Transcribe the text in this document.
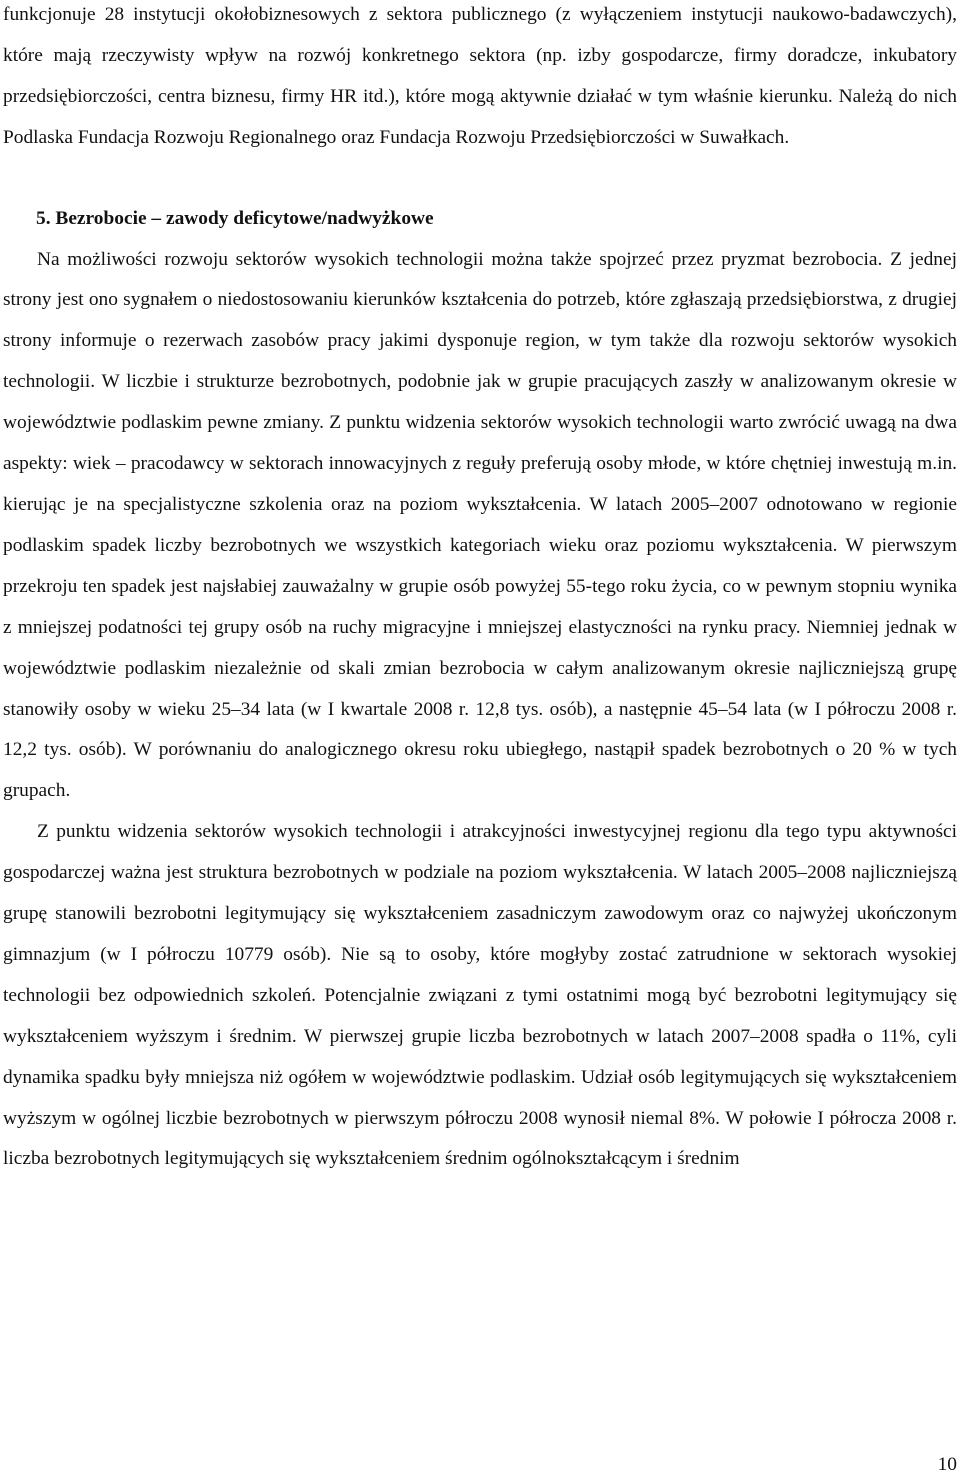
funkcjonuje 28 instytucji okołobiznesowych z sektora publicznego (z wyłączeniem instytucji naukowo-badawczych), które mają rzeczywisty wpływ na rozwój konkretnego sektora (np. izby gospodarcze, firmy doradcze, inkubatory przedsiębiorczości, centra biznesu, firmy HR itd.), które mogą aktywnie działać w tym właśnie kierunku. Należą do nich Podlaska Fundacja Rozwoju Regionalnego oraz Fundacja Rozwoju Przedsiębiorczości w Suwałkach.

5. Bezrobocie – zawody deficytowe/nadwyżkowe

Na możliwości rozwoju sektorów wysokich technologii można także spojrzeć przez pryzmat bezrobocia. Z jednej strony jest ono sygnałem o niedostosowaniu kierunków kształcenia do potrzeb, które zgłaszają przedsiębiorstwa, z drugiej strony informuje o rezerwach zasobów pracy jakimi dysponuje region, w tym także dla rozwoju sektorów wysokich technologii. W liczbie i strukturze bezrobotnych, podobnie jak w grupie pracujących zaszły w analizowanym okresie w województwie podlaskim pewne zmiany. Z punktu widzenia sektorów wysokich technologii warto zwrócić uwagą na dwa aspekty: wiek – pracodawcy w sektorach innowacyjnych z reguły preferują osoby młode, w które chętniej inwestują m.in. kierując je na specjalistyczne szkolenia oraz na poziom wykształcenia. W latach 2005–2007 odnotowano w regionie podlaskim spadek liczby bezrobotnych we wszystkich kategoriach wieku oraz poziomu wykształcenia. W pierwszym przekroju ten spadek jest najsłabiej zauważalny w grupie osób powyżej 55-tego roku życia, co w pewnym stopniu wynika z mniejszej podatności tej grupy osób na ruchy migracyjne i mniejszej elastyczności na rynku pracy. Niemniej jednak w województwie podlaskim niezależnie od skali zmian bezrobocia w całym analizowanym okresie najliczniejszą grupę stanowiły osoby w wieku 25–34 lata (w I kwartale 2008 r. 12,8 tys. osób), a następnie 45–54 lata (w I półroczu 2008 r. 12,2 tys. osób). W porównaniu do analogicznego okresu roku ubiegłego, nastąpił spadek bezrobotnych o 20 % w tych grupach.

Z punktu widzenia sektorów wysokich technologii i atrakcyjności inwestycyjnej regionu dla tego typu aktywności gospodarczej ważna jest struktura bezrobotnych w podziale na poziom wykształcenia. W latach 2005–2008 najliczniejszą grupę stanowili bezrobotni legitymujący się wykształceniem zasadniczym zawodowym oraz co najwyżej ukończonym gimnazjum (w I półroczu 10779 osób). Nie są to osoby, które mogłyby zostać zatrudnione w sektorach wysokiej technologii bez odpowiednich szkoleń. Potencjalnie związani z tymi ostatnimi mogą być bezrobotni legitymujący się wykształceniem wyższym i średnim. W pierwszej grupie liczba bezrobotnych w latach 2007–2008 spadła o 11%, cyli dynamika spadku były mniejsza niż ogółem w województwie podlaskim. Udział osób legitymujących się wykształceniem wyższym w ogólnej liczbie bezrobotnych w pierwszym półroczu 2008 wynosił niemal 8%. W połowie I półrocza 2008 r. liczba bezrobotnych legitymujących się wykształceniem średnim ogólnokształcącym i średnim

10
